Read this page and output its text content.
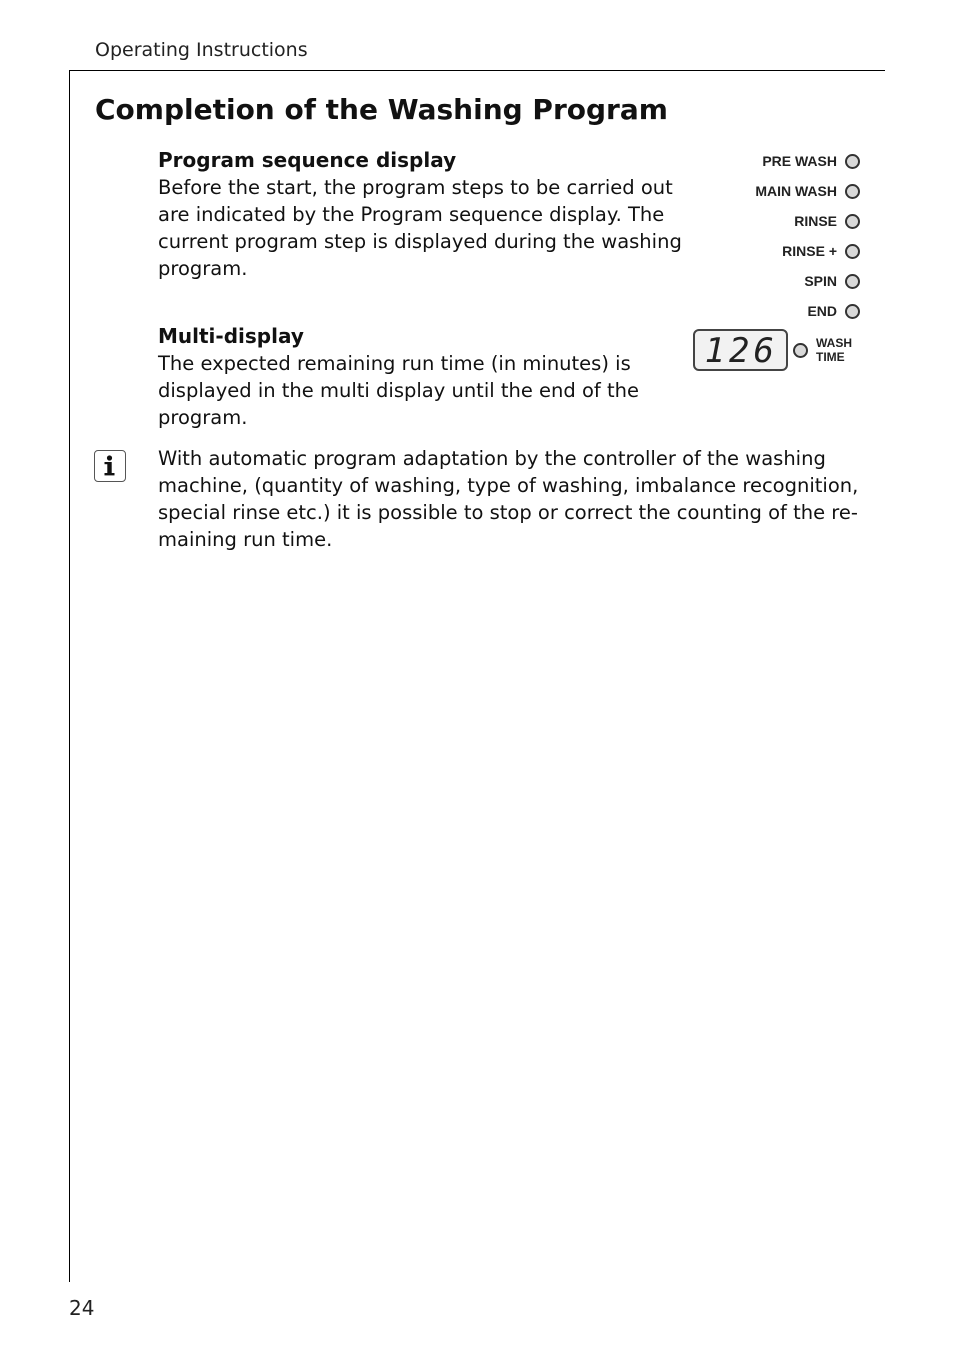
Operating Instructions
Completion of the Washing Program
Program sequence display

Before the start, the program steps to be carried out are indicated by the Program sequence display. The current program step is displayed during the washing program.

Multi-display

The expected remaining run time (in minutes) is displayed in the multi display until the end of the program.

With automatic program adaptation by the controller of the washing machine, (quantity of washing, type of washing, imbalance recognition, special rinse etc.) it is possible to stop or correct the counting of the re-maining run time.

PRE WASH
MAIN WASH
RINSE
RINSE +
SPIN
END
126	WASH
TIME
24
